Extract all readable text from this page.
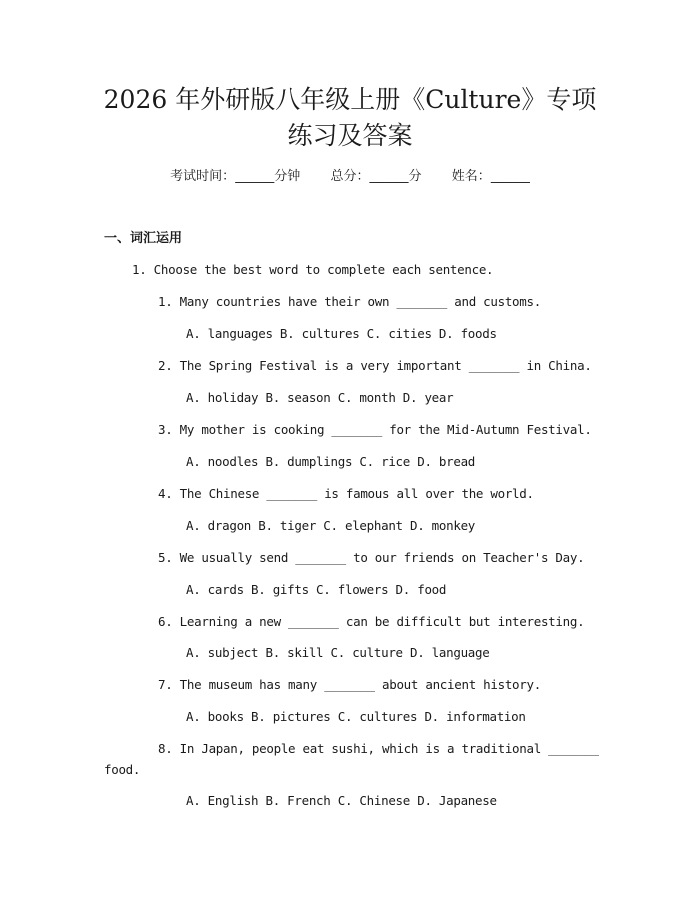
2026 年外研版八年级上册《Culture》专项
练习及答案
考试时间：______分钟 总分：______分 姓名：______
一、词汇运用
1. Choose the best word to complete each sentence.
1. Many countries have their own _______ and customs.
A. languages B. cultures C. cities D. foods
2. The Spring Festival is a very important _______ in China.
A. holiday B. season C. month D. year
3. My mother is cooking _______ for the Mid-Autumn Festival.
A. noodles B. dumplings C. rice D. bread
4. The Chinese _______ is famous all over the world.
A. dragon B. tiger C. elephant D. monkey
5. We usually send _______ to our friends on Teacher's Day.
A. cards B. gifts C. flowers D. food
6. Learning a new _______ can be difficult but interesting.
A. subject B. skill C. culture D. language
7. The museum has many _______ about ancient history.
A. books B. pictures C. cultures D. information
8. In Japan, people eat sushi, which is a traditional _______
food.
A. English B. French C. Chinese D. Japanese
